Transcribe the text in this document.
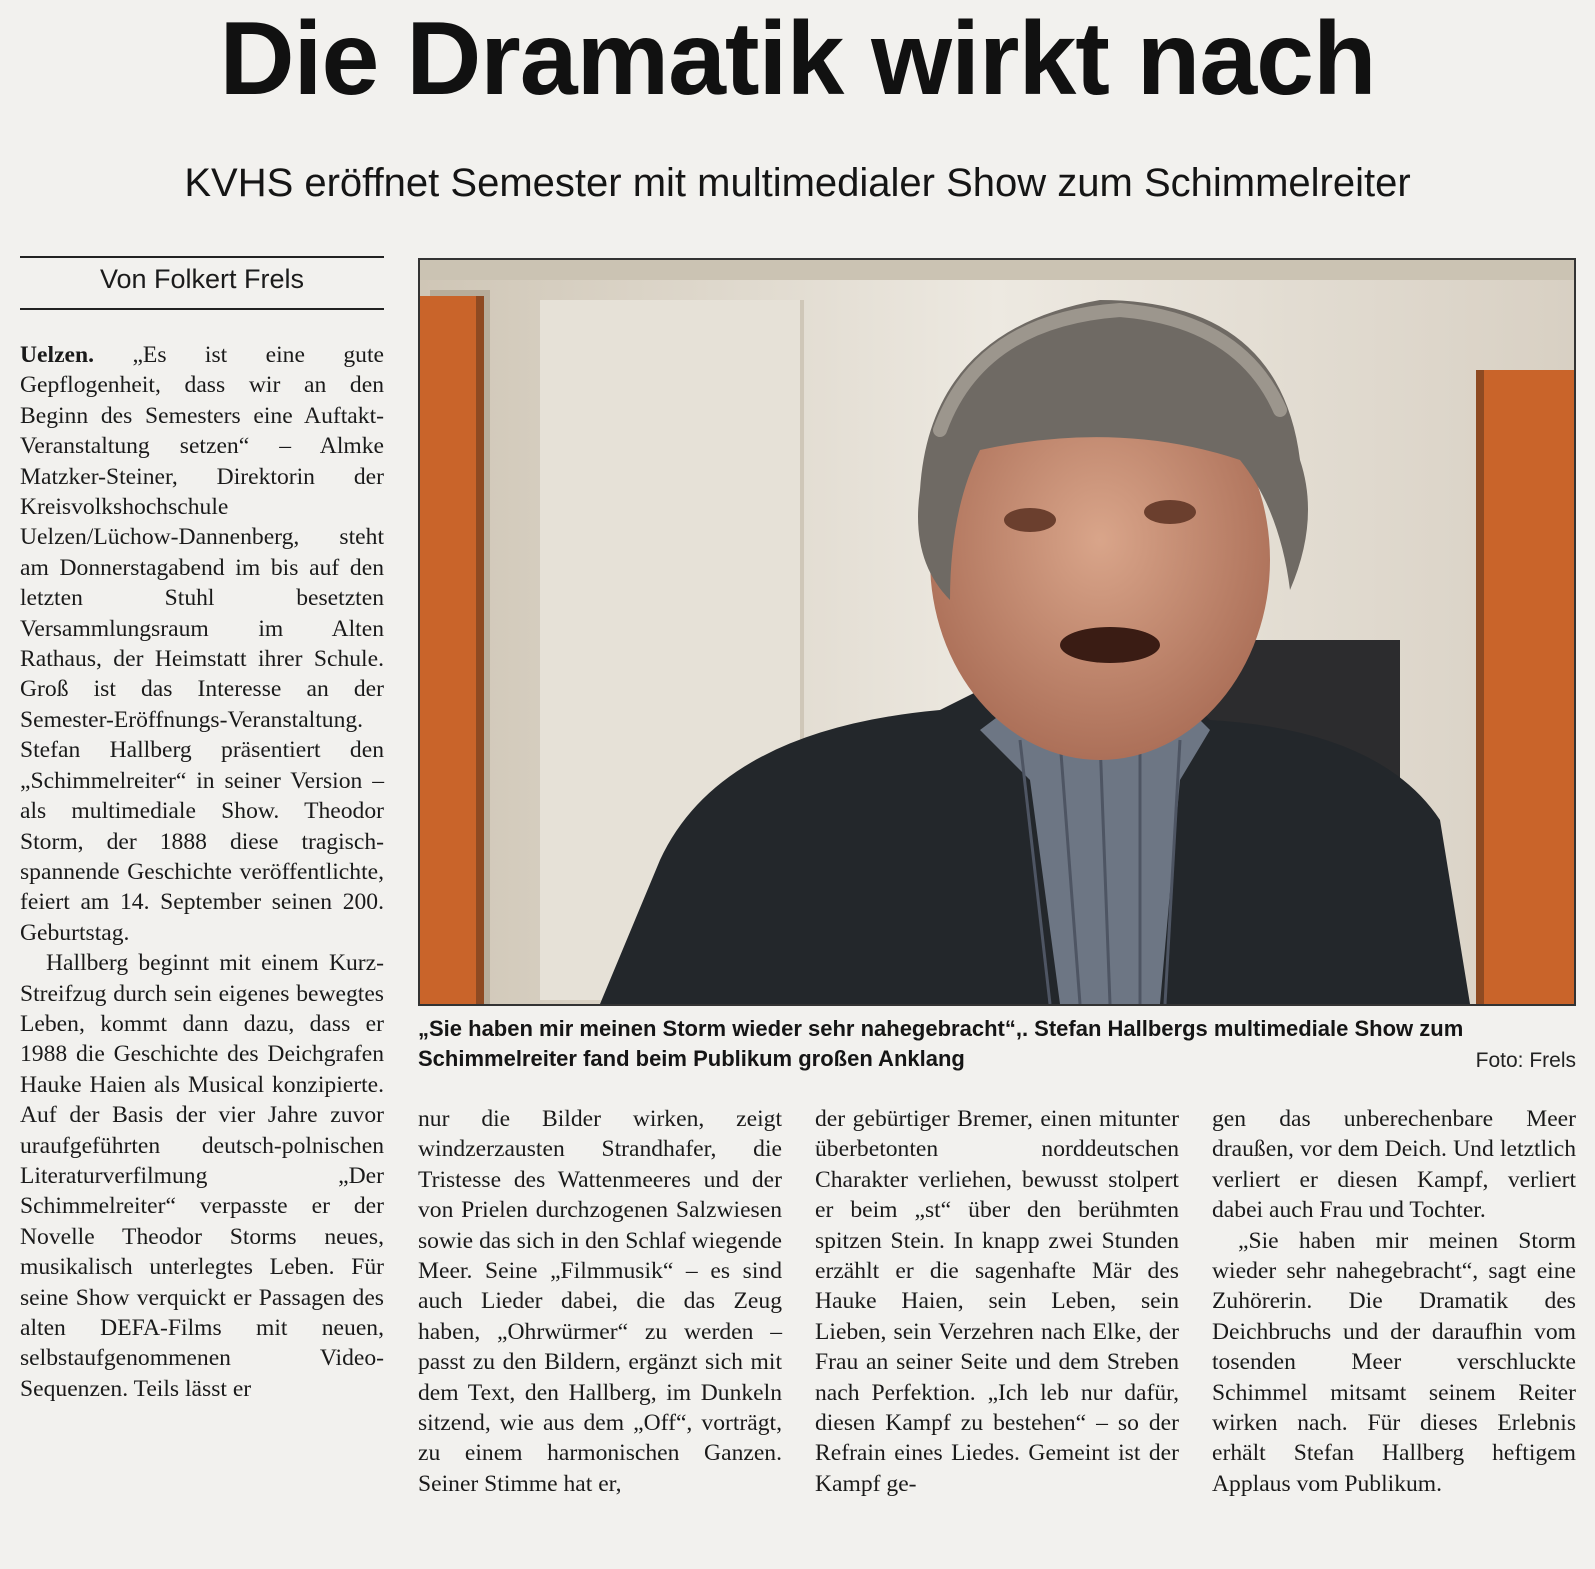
Die Dramatik wirkt nach
KVHS eröffnet Semester mit multimedialer Show zum Schimmelreiter
Von Folkert Frels

Uelzen. „Es ist eine gute Gepflogenheit, dass wir an den Beginn des Semesters eine Auftakt-Veranstaltung setzen“ – Almke Matzker-Steiner, Direktorin der Kreisvolkshochschule Uelzen/Lüchow-Dannenberg, steht am Donnerstagabend im bis auf den letzten Stuhl besetzten Versammlungsraum im Alten Rathaus, der Heimstatt ihrer Schule. Groß ist das Interesse an der Semester-Eröffnungs-Veranstaltung. Stefan Hallberg präsentiert den „Schimmelreiter“ in seiner Version – als multimediale Show. Theodor Storm, der 1888 diese tragisch-spannende Geschichte veröffentlichte, feiert am 14. September seinen 200. Geburtstag.

Hallberg beginnt mit einem Kurz-Streifzug durch sein eigenes bewegtes Leben, kommt dann dazu, dass er 1988 die Geschichte des Deichgrafen Hauke Haien als Musical konzipierte. Auf der Basis der vier Jahre zuvor uraufgeführten deutsch-polnischen Literaturverfilmung „Der Schimmelreiter“ verpasste er der Novelle Theodor Storms neues, musikalisch unterlegtes Leben. Für seine Show verquickt er Passagen des alten DEFA-Films mit neuen, selbstaufgenommenen Video-Sequenzen. Teils lässt er

„Sie haben mir meinen Storm wieder sehr nahegebracht“,. Stefan Hallbergs multimediale Show zum Schimmelreiter fand beim Publikum großen Anklang	Foto: Frels

nur die Bilder wirken, zeigt windzerzausten Strandhafer, die Tristesse des Wattenmeeres und der von Prielen durchzogenen Salzwiesen sowie das sich in den Schlaf wiegende Meer. Seine „Filmmusik“ – es sind auch Lieder dabei, die das Zeug haben, „Ohrwürmer“ zu werden – passt zu den Bildern, ergänzt sich mit dem Text, den Hallberg, im Dunkeln sitzend, wie aus dem „Off“, vorträgt, zu einem harmonischen Ganzen. Seiner Stimme hat er,

der gebürtiger Bremer, einen mitunter überbetonten norddeutschen Charakter verliehen, bewusst stolpert er beim „st“ über den berühmten spitzen Stein. In knapp zwei Stunden erzählt er die sagenhafte Mär des Hauke Haien, sein Leben, sein Lieben, sein Verzehren nach Elke, der Frau an seiner Seite und dem Streben nach Perfektion. „Ich leb nur dafür, diesen Kampf zu bestehen“ – so der Refrain eines Liedes. Gemeint ist der Kampf ge-

gen das unberechenbare Meer draußen, vor dem Deich. Und letztlich verliert er diesen Kampf, verliert dabei auch Frau und Tochter.

„Sie haben mir meinen Storm wieder sehr nahegebracht“, sagt eine Zuhörerin. Die Dramatik des Deichbruchs und der daraufhin vom tosenden Meer verschluckte Schimmel mitsamt seinem Reiter wirken nach. Für dieses Erlebnis erhält Stefan Hallberg heftigem Applaus vom Publikum.
